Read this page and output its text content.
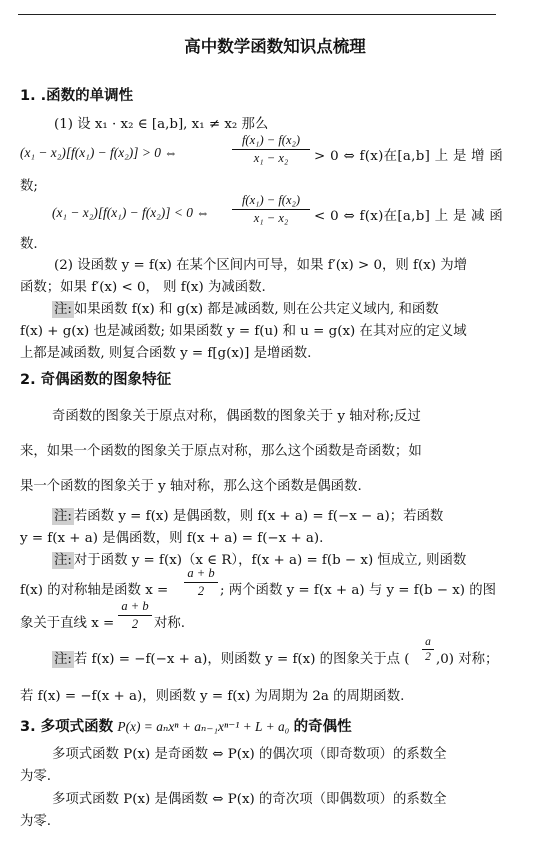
高中数学函数知识点梳理
1. .函数的单调性
(1) 设 x₁ · x₂ ∈ [a,b], x₁ ≠ x₂ 那么
(x₁ − x₂)[f(x₁) − f(x₂)] > 0 ⇔	$\frac{\text{f(x₁) − f(x₂)}}{\text{x₁ − x₂}} > 0$ ⇔ f(x)在[a,b] 上 是 增 函
数;
(x₁ − x₂)[f(x₁) − f(x₂)] < 0 ⇔ $\frac{\text{f(x₁) − f(x₂)}}{\text{x₁ − x₂}} < 0$ ⇔ f(x)在[a,b] 上 是 减 函
数.
(2) 设函数 y = f(x) 在某个区间内可导，如果 f′(x) > 0，则 f(x) 为增
函数；如果 f′(x) < 0， 则 f(x) 为减函数.
注: 如果函数 f(x) 和 g(x) 都是减函数, 则在公共定义域内, 和函数
f(x) + g(x) 也是减函数; 如果函数 y = f(u) 和 u = g(x) 在其对应的定义域
上都是减函数, 则复合函数 y = f[g(x)] 是增函数.
2. 奇偶函数的图象特征
奇函数的图象关于原点对称，偶函数的图象关于 y 轴对称;反过
来，如果一个函数的图象关于原点对称，那么这个函数是奇函数；如
果一个函数的图象关于 y 轴对称，那么这个函数是偶函数.
注: 若函数 y = f(x) 是偶函数，则 f(x + a) = f(−x − a)；若函数
y = f(x + a) 是偶函数，则 f(x + a) = f(−x + a).
注: 对于函数 y = f(x)（x ∈ R），f(x + a) = f(b − x) 恒成立, 则函数
f(x) 的对称轴是函数 $x = \frac{a + b}{2}$ ; 两个函数 y = f(x + a) 与 y = f(b − x) 的图
象关于直线 $x = \frac{a + b}{2}$ 对称.
注: 若 f(x) = −f(−x + a)，则函数 y = f(x) 的图象关于点 ( $\frac{a}{2} ,0$) 对称；
若 f(x) = −f(x + a)，则函数 y = f(x) 为周期为 2a 的周期函数.
3. 多项式函数 P(x) = aₙxⁿ + aₙ₋₁xⁿ⁻¹ + L + a₀ 的奇偶性
多项式函数 P(x) 是奇函数 ⇔ P(x) 的偶次项（即奇数项）的系数全
为零.
多项式函数 P(x) 是偶函数 ⇔ P(x) 的奇次项（即偶数项）的系数全
为零.
